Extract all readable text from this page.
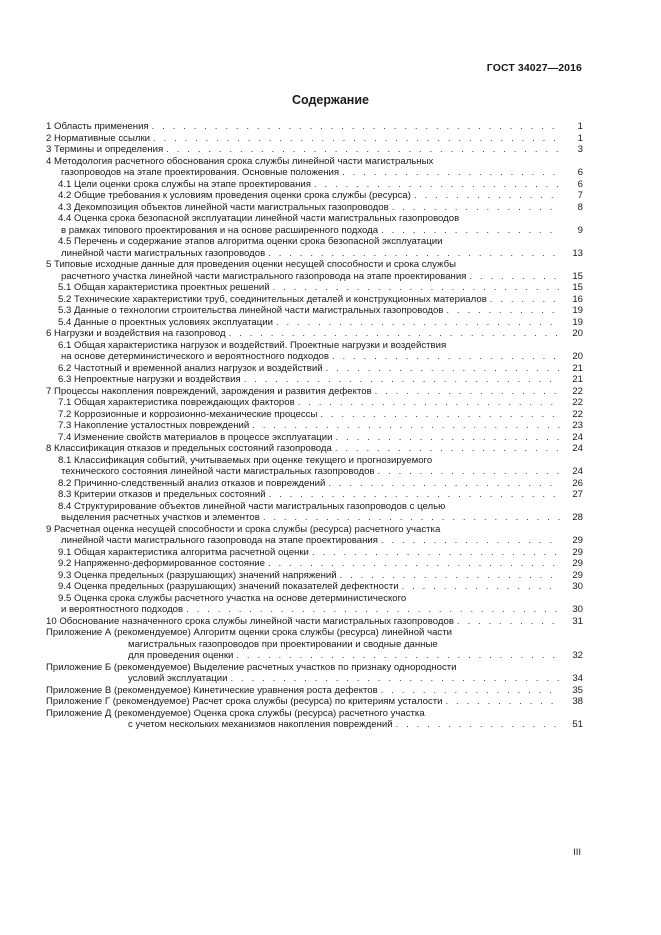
ГОСТ 34027—2016
Содержание
1 Область применения . . .	1
2 Нормативные ссылки . . .	1
3 Термины и определения . . .	3
4 Методология расчетного обоснования срока службы линейной части магистральных
газопроводов на этапе проектирования. Основные положения . . .	6
4.1 Цели оценки срока службы на этапе проектирования . . .	6
4.2 Общие требования к условиям проведения оценки срока службы (ресурса) . . .	7
4.3 Декомпозиция объектов линейной части магистральных газопроводов . . .	8
4.4 Оценка срока безопасной эксплуатации линейной части магистральных газопроводов
в рамках типового проектирования и на основе расширенного подхода . . .	9
4.5 Перечень и содержание этапов алгоритма оценки срока безопасной эксплуатации
линейной части магистральных газопроводов . . .	13
5 Типовые исходные данные для проведения оценки несущей способности и срока службы
расчетного участка линейной части магистрального газопровода на этапе проектирования . . .	15
5.1 Общая характеристика проектных решений . . .	15
5.2 Технические характеристики труб, соединительных деталей и конструкционных материалов . . .	16
5.3 Данные о технологии строительства линейной части магистральных газопроводов . . .	19
5.4 Данные о проектных условиях эксплуатации . . .	19
6 Нагрузки и воздействия на газопровод . . .	20
6.1 Общая характеристика нагрузок и воздействий. Проектные нагрузки и воздействия
на основе детерминистического и вероятностного подходов . . .	20
6.2 Частотный и временной анализ нагрузок и воздействий . . .	21
6.3 Непроектные нагрузки и воздействия . . .	21
7 Процессы накопления повреждений, зарождения и развития дефектов . . .	22
7.1 Общая характеристика повреждающих факторов . . .	22
7.2 Коррозионные и коррозионно-механические процессы . . .	22
7.3 Накопление усталостных повреждений . . .	23
7.4 Изменение свойств материалов в процессе эксплуатации . . .	24
8 Классификация отказов и предельных состояний газопровода . . .	24
8.1 Классификация событий, учитываемых при оценке текущего и прогнозируемого
технического состояния линейной части магистральных газопроводов . . .	24
8.2 Причинно-следственный анализ отказов и повреждений . . .	26
8.3 Критерии отказов и предельных состояний . . .	27
8.4 Структурирование объектов линейной части магистральных газопроводов с целью
выделения расчетных участков и элементов . . .	28
9 Расчетная оценка несущей способности и срока службы (ресурса) расчетного участка
линейной части магистрального газопровода на этапе проектирования . . .	29
9.1 Общая характеристика алгоритма расчетной оценки . . .	29
9.2 Напряженно-деформированное состояние . . .	29
9.3 Оценка предельных (разрушающих) значений напряжений . . .	29
9.4 Оценка предельных (разрушающих) значений показателей дефектности . . .	30
9.5 Оценка срока службы расчетного участка на основе детерминистического
и вероятностного подходов . . .	30
10 Обоснование назначенного срока службы линейной части магистральных газопроводов . . .	31
Приложение А (рекомендуемое) Алгоритм оценки срока службы (ресурса) линейной части
магистральных газопроводов при проектировании и сводные данные
для проведения оценки . . .	32
Приложение Б (рекомендуемое) Выделение расчетных участков по признаку однородности
условий эксплуатации . . .	34
Приложение В (рекомендуемое) Кинетические уравнения роста дефектов . . .	35
Приложение Г (рекомендуемое) Расчет срока службы (ресурса) по критериям усталости . . .	38
Приложение Д (рекомендуемое) Оценка срока службы (ресурса) расчетного участка
с учетом нескольких механизмов накопления повреждений . . .	51
III
